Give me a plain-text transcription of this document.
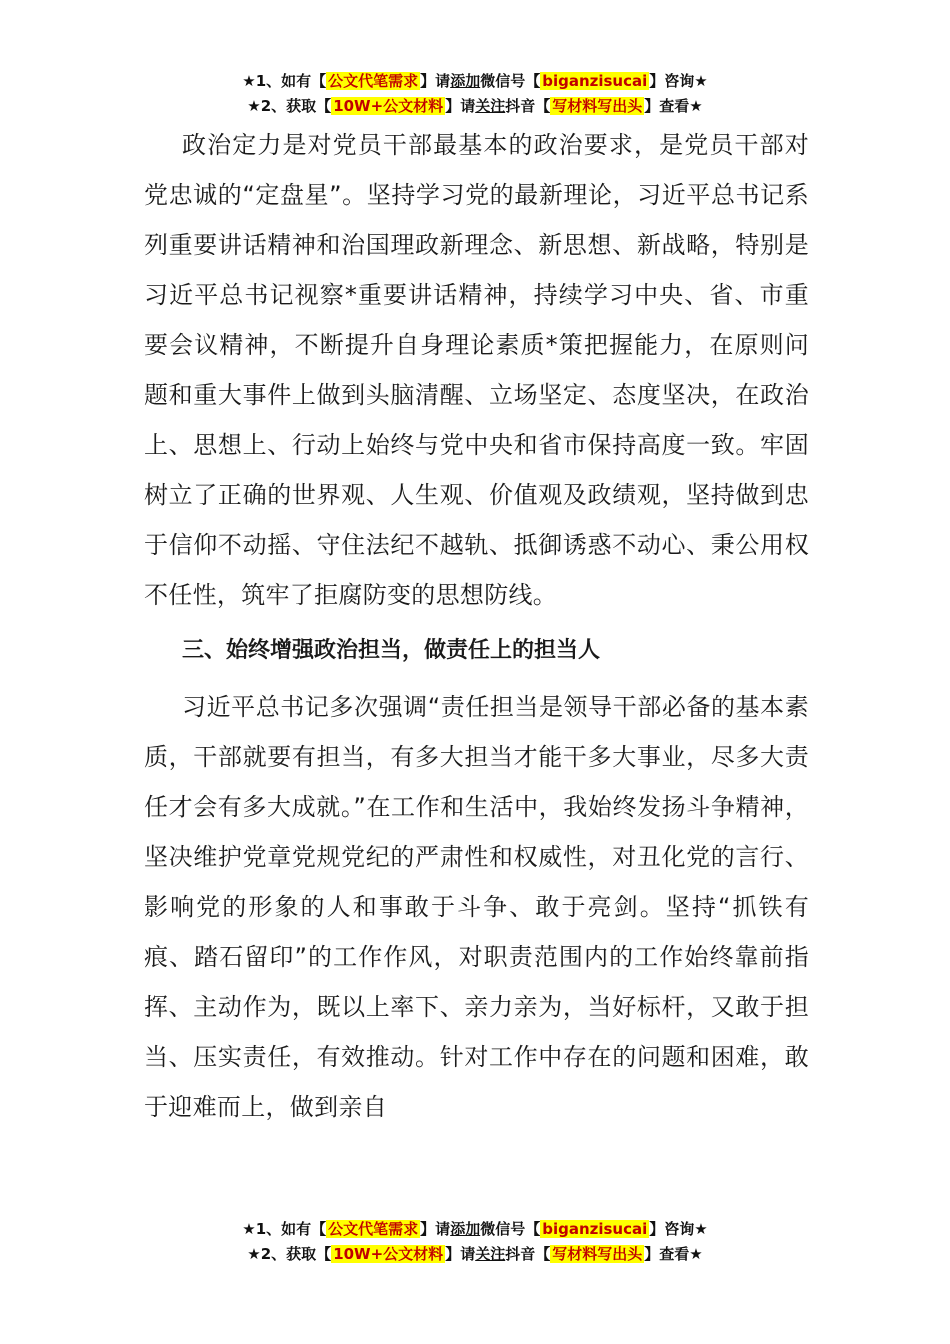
★1、如有【 公文代笔需求 】请添加微信号【 biganzisucai 】咨询★
★2、获取【 10W+公文材料 】请关注抖音【 写材料写出头 】查看★

政治定力是对党员干部最基本的政治要求，是党员干部对党忠诚的“定盘星”。坚持学习党的最新理论，习近平总书记系列重要讲话精神和治国理政新理念、新思想、新战略，特别是习近平总书记视察*重要讲话精神，持续学习中央、省、市重要会议精神，不断提升自身理论素质*策把握能力，在原则问题和重大事件上做到头脑清醒、立场坚定、态度坚决，在政治上、思想上、行动上始终与党中央和省市保持高度一致。牢固树立了正确的世界观、人生观、价值观及政绩观，坚持做到忠于信仰不动摇、守住法纪不越轨、抵御诱惑不动心、秉公用权不任性，筑牢了拒腐防变的思想防线。

三、始终增强政治担当，做责任上的担当人

习近平总书记多次强调“责任担当是领导干部必备的基本素质，干部就要有担当，有多大担当才能干多大事业，尽多大责任才会有多大成就。”在工作和生活中，我始终发扬斗争精神，坚决维护党章党规党纪的严肃性和权威性，对丑化党的言行、影响党的形象的人和事敢于斗争、敢于亮剑。坚持“抓铁有痕、踏石留印”的工作作风，对职责范围内的工作始终靠前指挥、主动作为，既以上率下、亲力亲为，当好标杆，又敢于担当、压实责任，有效推动。针对工作中存在的问题和困难，敢于迎难而上，做到亲自

★1、如有【 公文代笔需求 】请添加微信号【 biganzisucai 】咨询★
★2、获取【 10W+公文材料 】请关注抖音【 写材料写出头 】查看★
